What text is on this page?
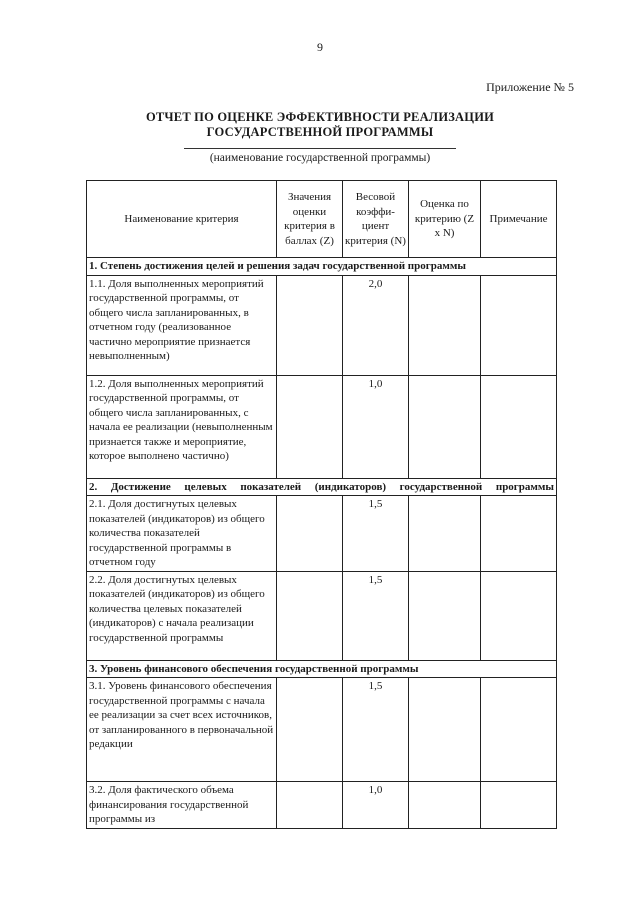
9
Приложение № 5
ОТЧЕТ ПО ОЦЕНКЕ ЭФФЕКТИВНОСТИ РЕАЛИЗАЦИИ
ГОСУДАРСТВЕННОЙ ПРОГРАММЫ
(наименование государственной программы)
Наименование критерия	Значения оценки критерия в баллах (Z)	Весовой коэффи-циент критерия (N)	Оценка по критерию (Z x N)	Примечание
1. Степень достижения целей и решения задач государственной программы				
1.1. Доля выполненных мероприятий государственной программы, от общего числа запланированных, в отчетном году (реализованное частично мероприятие признается невыполненным)		2,0		
1.2. Доля выполненных мероприятий государственной программы, от общего числа запланированных, с начала ее реализации (невыполненным признается также и мероприятие, которое выполнено частично)		1,0		
2. Достижение целевых показателей (индикаторов) государственной программы				
2.1. Доля достигнутых целевых показателей (индикаторов) из общего количества показателей государственной программы в отчетном году		1,5		
2.2. Доля достигнутых целевых показателей (индикаторов) из общего количества целевых показателей (индикаторов) с начала реализации государственной программы		1,5		
3. Уровень финансового обеспечения государственной программы				
3.1. Уровень финансового обеспечения государственной программы с начала ее реализации за счет всех источников, от запланированного в первоначальной редакции		1,5		
3.2. Доля фактического объема финансирования государственной программы из		1,0		
